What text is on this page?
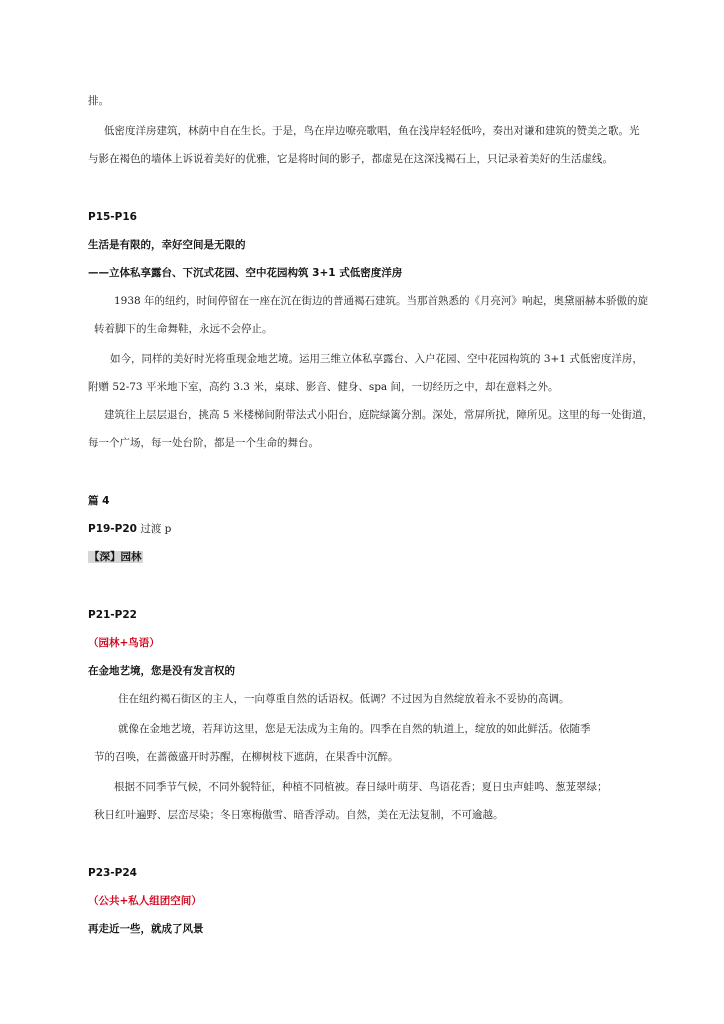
排。
低密度洋房建筑，林荫中自在生长。于是，鸟在岸边嘹亮歌唱，鱼在浅岸轻轻低吟，奏出对谦和建筑的赞美之歌。光
与影在褐色的墙体上诉说着美好的优雅，它是将时间的影子，都虚晃在这深浅褐石上，只记录着美好的生活虚线。
P15-P16
生活是有限的，幸好空间是无限的
——立体私享露台、下沉式花园、空中花园构筑 3+1 式低密度洋房
1938 年的纽约，时间停留在一座在沉在街边的普通褐石建筑。当那首熟悉的《月亮河》响起，奥黛丽赫本骄傲的旋
转着脚下的生命舞鞋，永远不会停止。
如今，同样的美好时光将重现金地艺境。运用三维立体私享露台、入户花园、空中花园构筑的 3+1 式低密度洋房，
附赠 52-73 平米地下室，高约 3.3 米，桌球、影音、健身、spa 间，一切经历之中，却在意料之外。
建筑往上层层退台，挑高 5 米楼梯间附带法式小阳台，庭院绿篱分割。深处，常屏所扰，障所见。这里的每一处街道，
每一个广场，每一处台阶，都是一个生命的舞台。
篇 4
P19-P20 过渡 p
【深】园林
P21-P22
（园林+鸟语）
在金地艺境，您是没有发言权的
住在纽约褐石街区的主人，一向尊重自然的话语权。低调？不过因为自然绽放着永不妥协的高调。
就像在金地艺境，若拜访这里，您是无法成为主角的。四季在自然的轨道上，绽放的如此鲜活。依随季
节的召唤，在蔷薇盛开时苏醒，在柳树枝下遮荫，在果香中沉醉。
根据不同季节气候，不同外貌特征，种植不同植被。春日绿叶萌芽、鸟语花香；夏日虫声蛙鸣、葱茏翠绿；
秋日红叶遍野、层峦尽染；冬日寒梅傲雪、暗香浮动。自然，美在无法复制，不可逾越。
P23-P24
（公共+私人组团空间）
再走近一些，就成了风景
